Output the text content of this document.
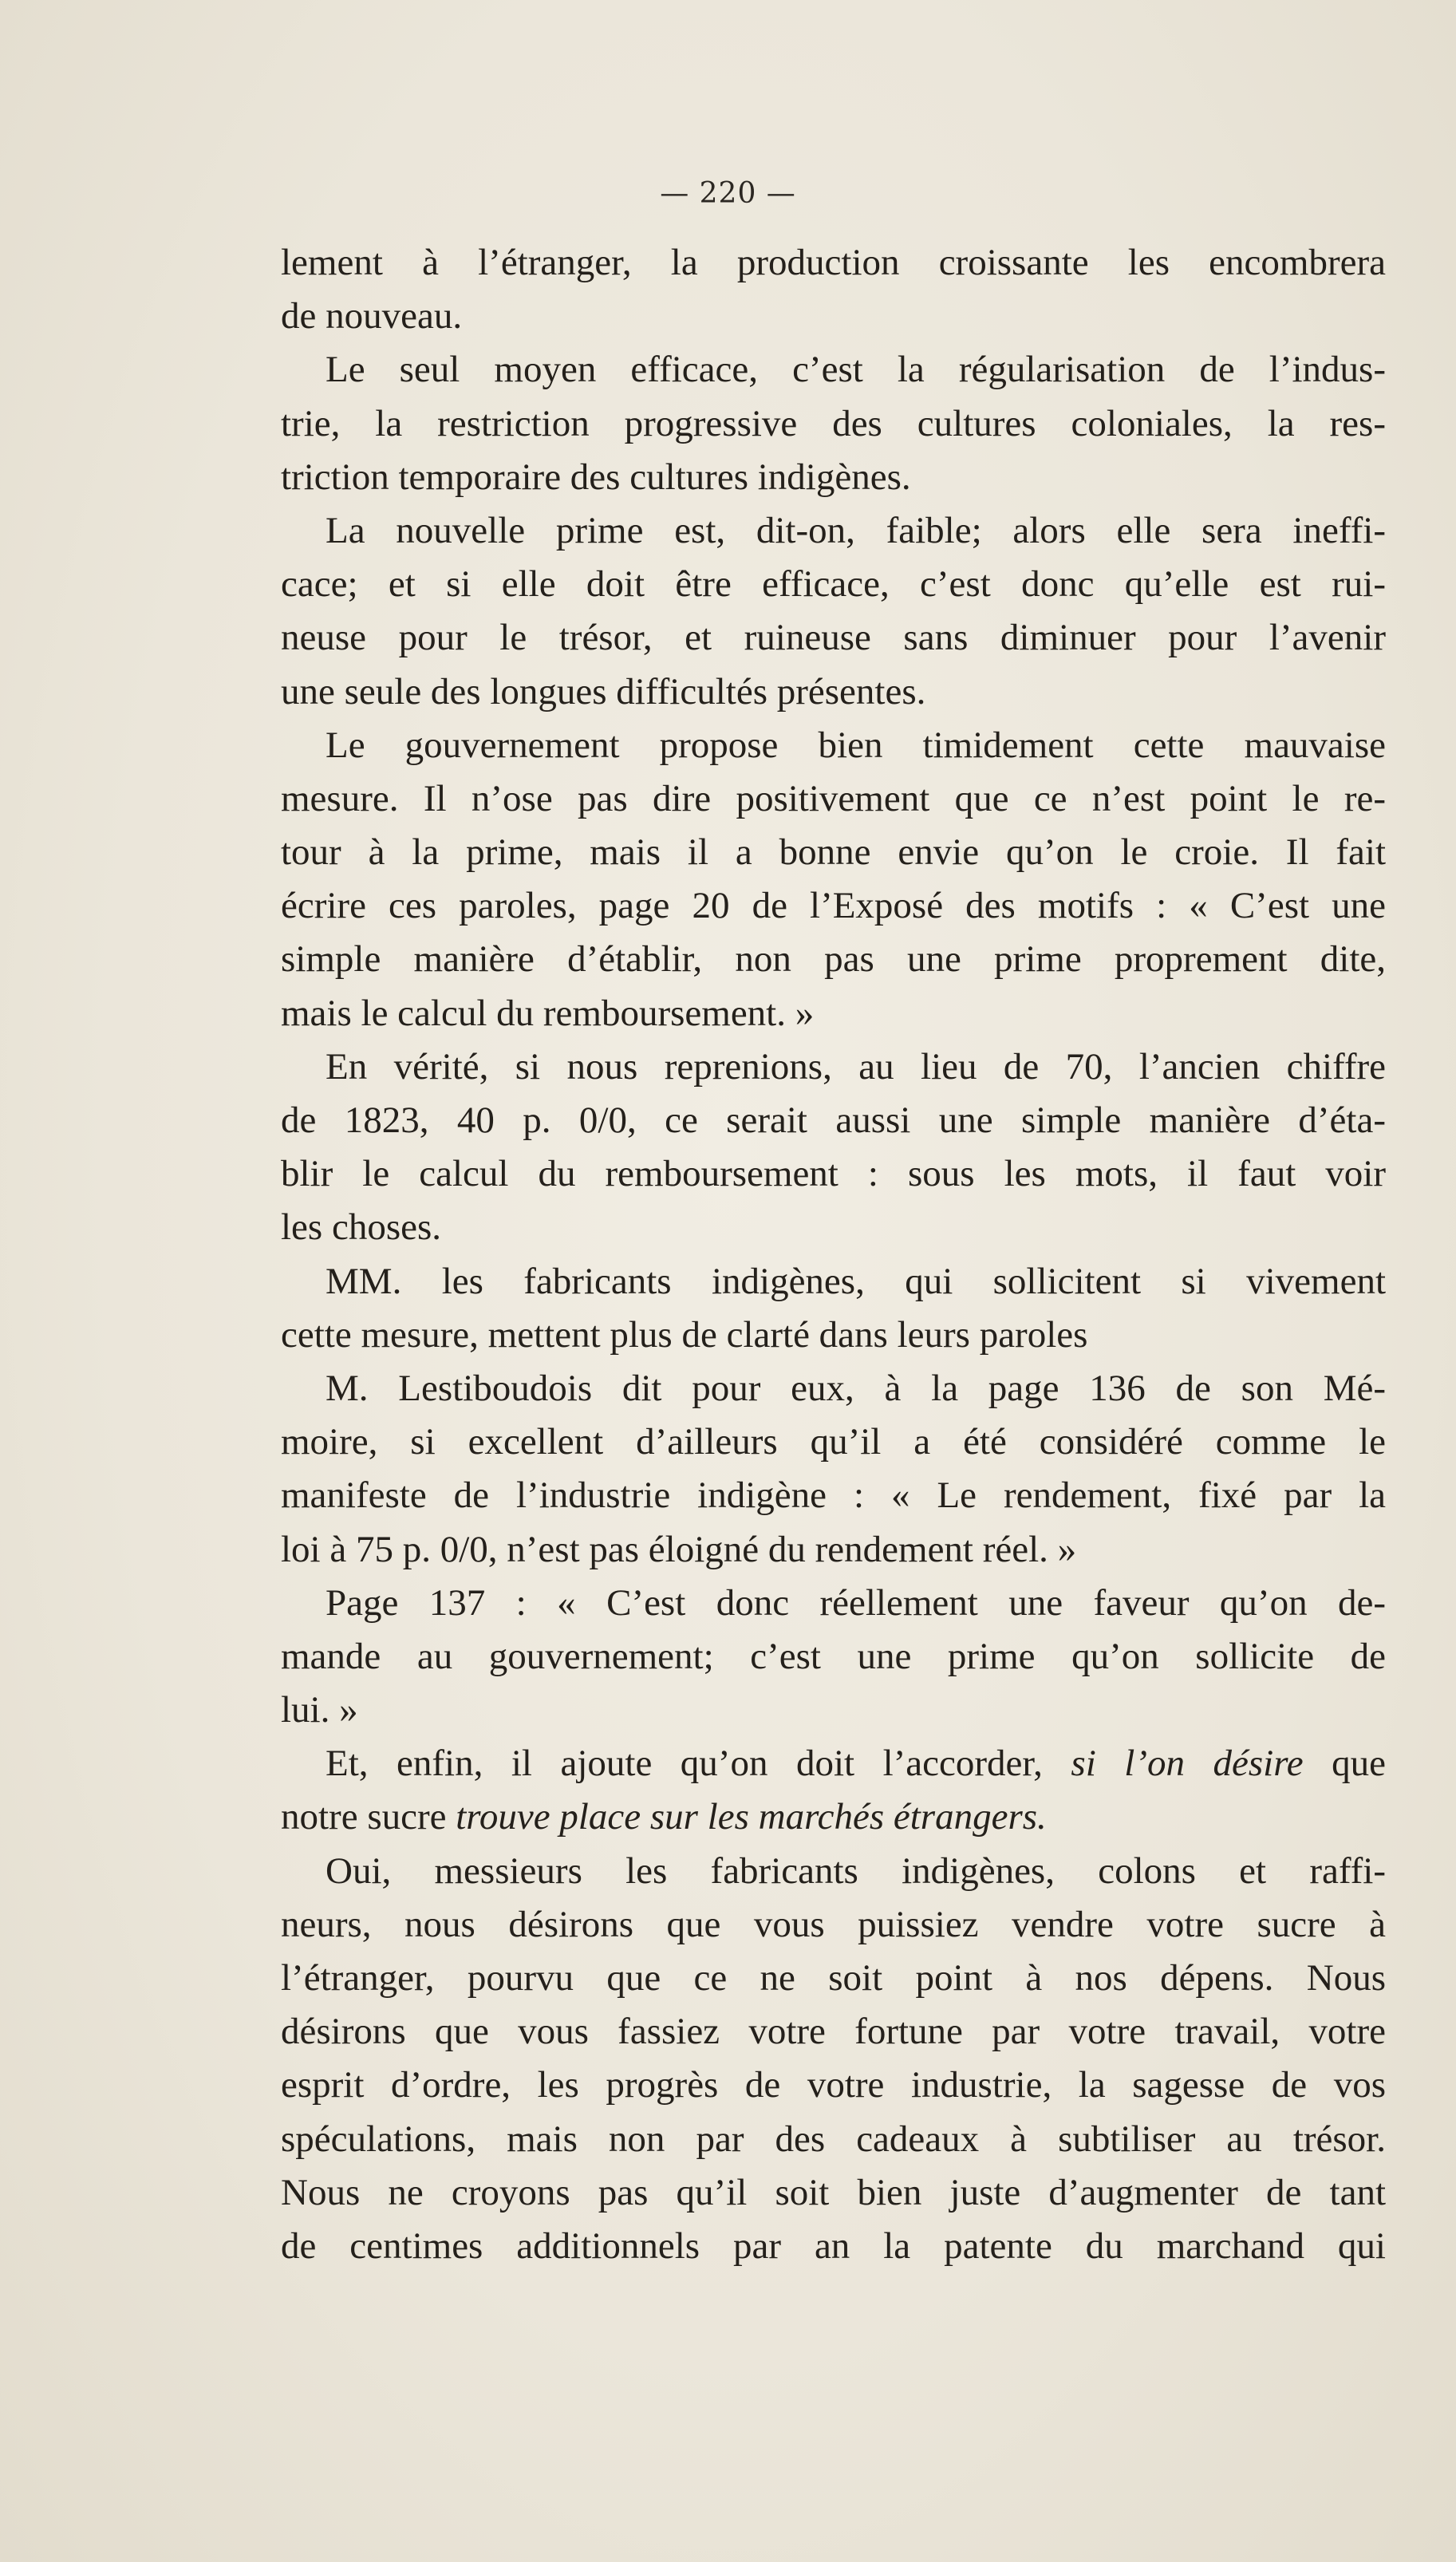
— 220 —
lement à l’étranger, la production croissante les encombrera
de nouveau.
Le seul moyen efficace, c’est la régularisation de l’indus-
trie, la restriction progressive des cultures coloniales, la res-
triction temporaire des cultures indigènes.
La nouvelle prime est, dit-on, faible; alors elle sera ineffi-
cace; et si elle doit être efficace, c’est donc qu’elle est rui-
neuse pour le trésor, et ruineuse sans diminuer pour l’avenir
une seule des longues difficultés présentes.
Le gouvernement propose bien timidement cette mauvaise
mesure. Il n’ose pas dire positivement que ce n’est point le re-
tour à la prime, mais il a bonne envie qu’on le croie. Il fait
écrire ces paroles, page 20 de l’Exposé des motifs : « C’est une
simple manière d’établir, non pas une prime proprement dite,
mais le calcul du remboursement. »
En vérité, si nous reprenions, au lieu de 70, l’ancien chiffre
de 1823, 40 p. 0/0, ce serait aussi une simple manière d’éta-
blir le calcul du remboursement : sous les mots, il faut voir
les choses.
MM. les fabricants indigènes, qui sollicitent si vivement
cette mesure, mettent plus de clarté dans leurs paroles
M. Lestiboudois dit pour eux, à la page 136 de son Mé-
moire, si excellent d’ailleurs qu’il a été considéré comme le
manifeste de l’industrie indigène : « Le rendement, fixé par la
loi à 75 p. 0/0, n’est pas éloigné du rendement réel. »
Page 137 : « C’est donc réellement une faveur qu’on de-
mande au gouvernement; c’est une prime qu’on sollicite de
lui. »
Et, enfin, il ajoute qu’on doit l’accorder, si l’on désire que
notre sucre trouve place sur les marchés étrangers.
Oui, messieurs les fabricants indigènes, colons et raffi-
neurs, nous désirons que vous puissiez vendre votre sucre à
l’étranger, pourvu que ce ne soit point à nos dépens. Nous
désirons que vous fassiez votre fortune par votre travail, votre
esprit d’ordre, les progrès de votre industrie, la sagesse de vos
spéculations, mais non par des cadeaux à subtiliser au trésor.
Nous ne croyons pas qu’il soit bien juste d’augmenter de tant
de centimes additionnels par an la patente du marchand qui
